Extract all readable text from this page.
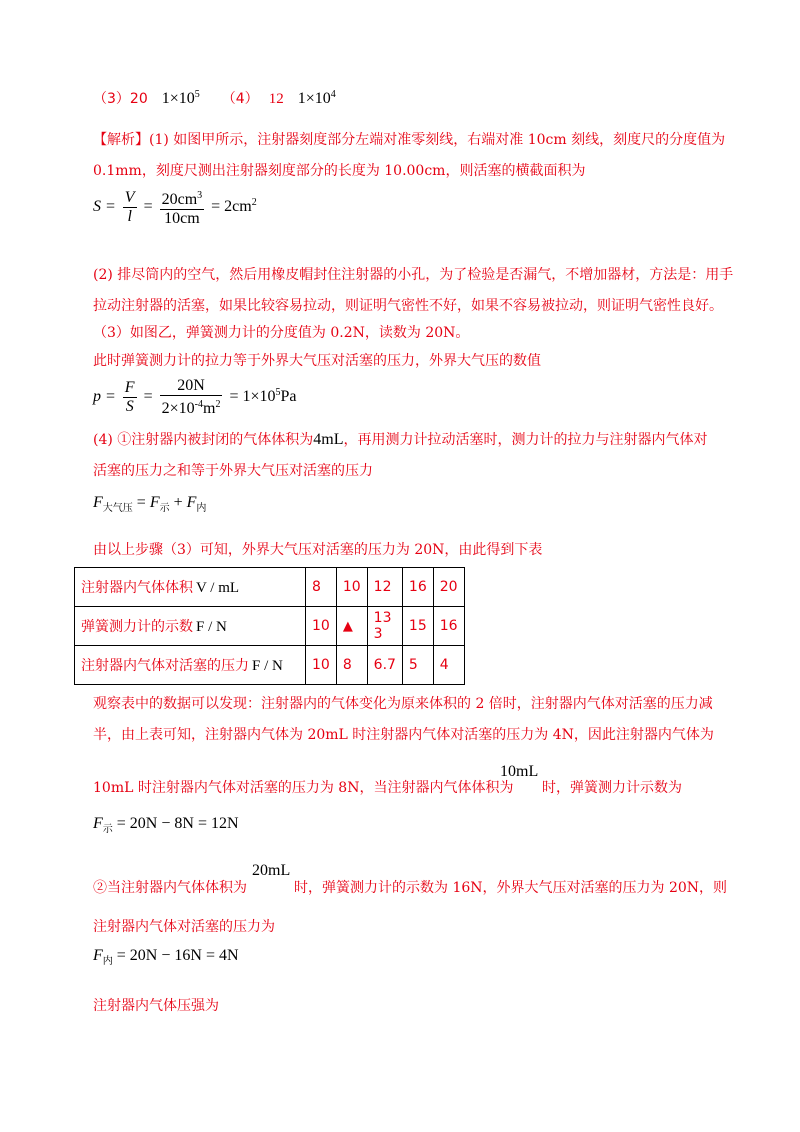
（3）20 $1\times 10^5$ （4） 12 $1\times 10^4$
【解析】(1) 如图甲所示，注射器刻度部分左端对准零刻线，右端对准 10cm 刻线，刻度尺的分度值为
0.1mm，刻度尺测出注射器刻度部分的长度为 10.00cm，则活塞的横截面积为
$S = \frac{V}{l} = \frac{20cm^3}{10cm} = 2cm^2$
(2) 排尽筒内的空气，然后用橡皮帽封住注射器的小孔，为了检验是否漏气，不增加器材，方法是：用手
拉动注射器的活塞，如果比较容易拉动，则证明气密性不好，如果不容易被拉动，则证明气密性良好。
（3）如图乙，弹簧测力计的分度值为 0.2N，读数为 20N。
此时弹簧测力计的拉力等于外界大气压对活塞的压力，外界大气压的数值
$p = \frac{F}{S} = \frac{20N}{2\times 10^{-4}m^2} = 1\times 10^5Pa$
(4) ①注射器内被封闭的气体体积为4mL，再用测力计拉动活塞时，测力计的拉力与注射器内气体对
活塞的压力之和等于外界大气压对活塞的压力
$F_{大气压} = F_示 + F_内$
由以上步骤（3）可知，外界大气压对活塞的压力为 20N，由此得到下表
注射器内气体体积 V / mL	8	10	12	16	20
弹簧测力计的示数 F / N	10	▲	13 3	15	16
注射器内气体对活塞的压力 F / N	10	8	6.7	5	4
观察表中的数据可以发现：注射器内的气体变化为原来体积的 2 倍时，注射器内气体对活塞的压力减
半，由上表可知，注射器内气体为 20mL 时注射器内气体对活塞的压力为 4N，因此注射器内气体为
10mL 时注射器内气体对活塞的压力为 8N，当注射器内气体体积为
10mL
时，弹簧测力计示数为
$F_示 = 20N - 8N = 12N$
②当注射器内气体体积为
20mL
时，弹簧测力计的示数为 16N，外界大气压对活塞的压力为 20N，则
注射器内气体对活塞的压力为
$F_内 = 20N - 16N = 4N$
注射器内气体压强为
